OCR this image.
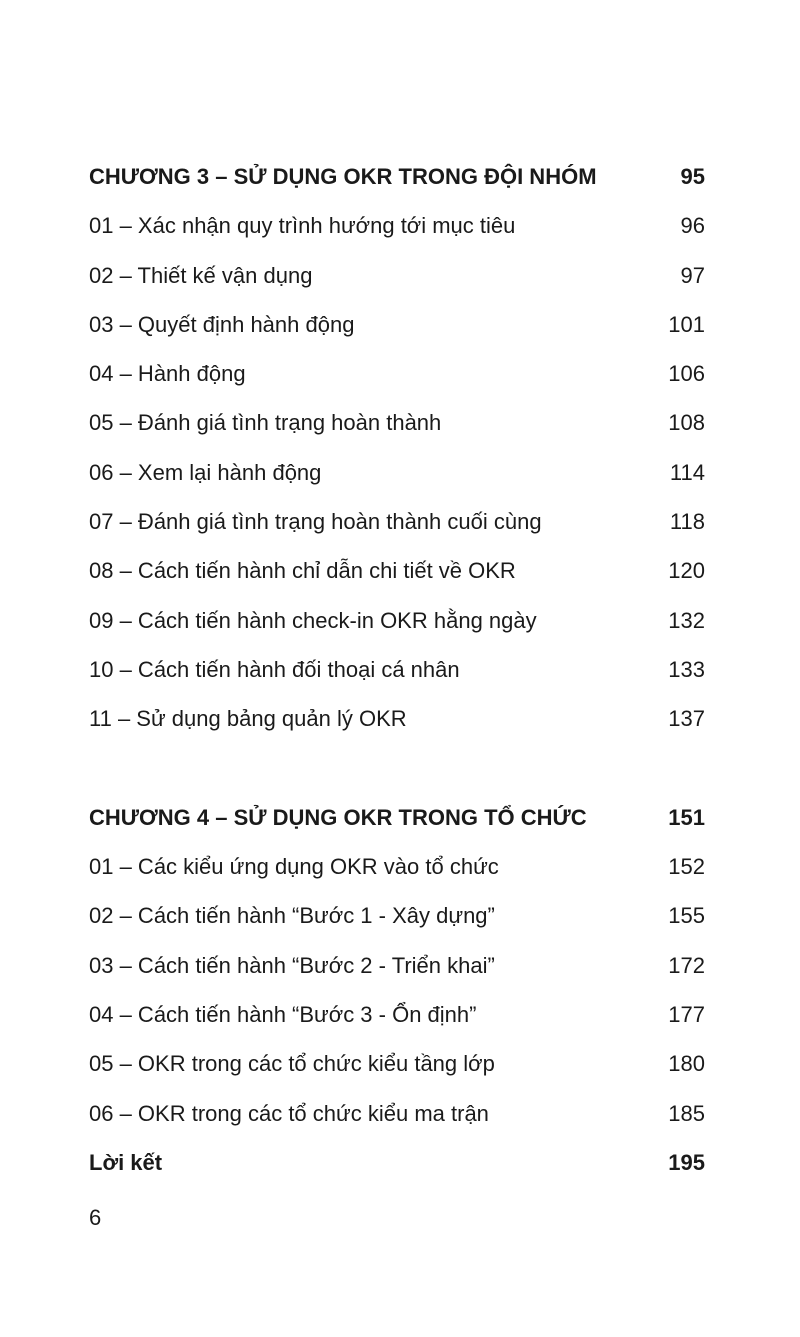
CHƯƠNG 3 – SỬ DỤNG OKR TRONG ĐỘI NHÓM	95
01 – Xác nhận quy trình hướng tới mục tiêu	96
02 – Thiết kế vận dụng	97
03 – Quyết định hành động	101
04 – Hành động	106
05 – Đánh giá tình trạng hoàn thành	108
06 – Xem lại hành động	114
07 – Đánh giá tình trạng hoàn thành cuối cùng	118
08 – Cách tiến hành chỉ dẫn chi tiết về OKR	120
09 – Cách tiến hành check-in OKR hằng ngày	132
10 – Cách tiến hành đối thoại cá nhân	133
11 – Sử dụng bảng quản lý OKR	137
CHƯƠNG 4 – SỬ DỤNG OKR TRONG TỔ CHỨC	151
01 – Các kiểu ứng dụng OKR vào tổ chức	152
02 – Cách tiến hành “Bước 1 - Xây dựng”	155
03 – Cách tiến hành “Bước 2 - Triển khai”	172
04 – Cách tiến hành “Bước 3 - Ổn định”	177
05 – OKR trong các tổ chức kiểu tầng lớp	180
06 – OKR trong các tổ chức kiểu ma trận	185
Lời kết	195
6
